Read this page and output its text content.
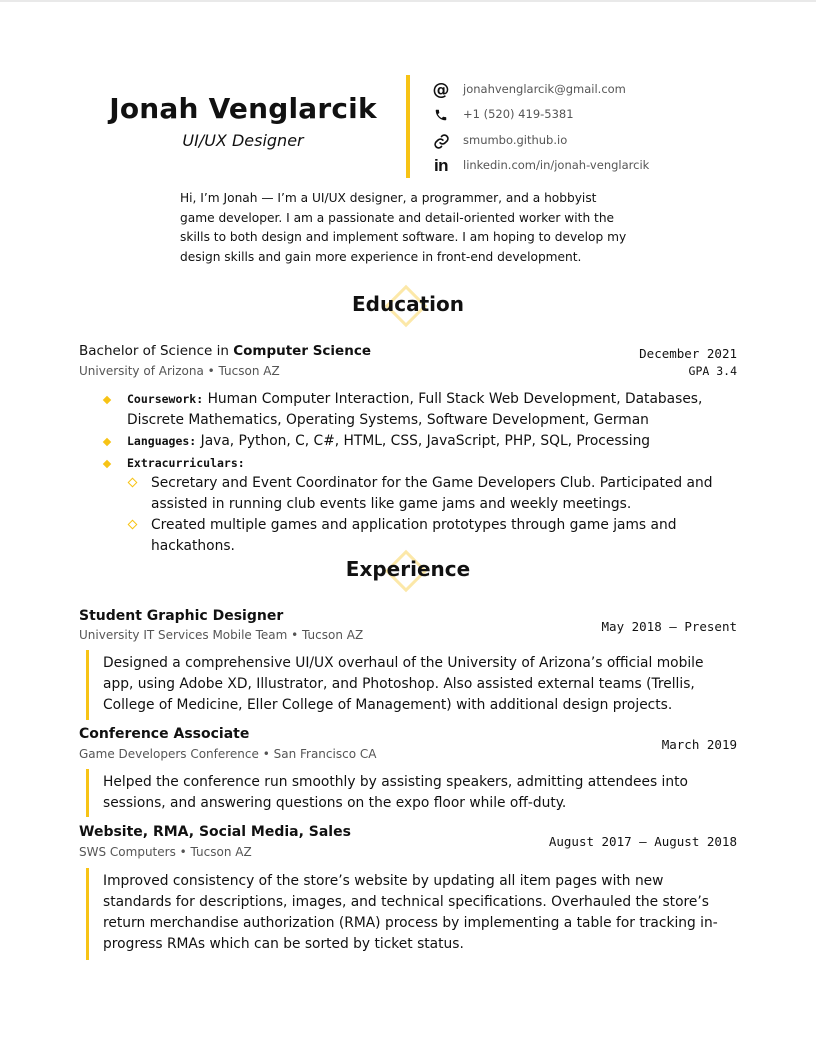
Jonah Venglarcik
UI/UX Designer
@ jonahvenglarcik@gmail.com
+1 (520) 419-5381
smumbo.github.io
in	linkedin.com/in/jonah-venglarcik
Hi, I’m Jonah — I’m a UI/UX designer, a programmer, and a hobbyist game developer. I am a passionate and detail-oriented worker with the skills to both design and implement software. I am hoping to develop my design skills and gain more experience in front-end development.
Education
Bachelor of Science in Computer Science
University of Arizona • Tucson AZ
December 2021
GPA 3.4
Coursework: Human Computer Interaction, Full Stack Web Development, Databases, Discrete Mathematics, Operating Systems, Software Development, German
Languages: Java, Python, C, C#, HTML, CSS, JavaScript, PHP, SQL, Processing
Extracurriculars:
Secretary and Event Coordinator for the Game Developers Club. Participated and assisted in running club events like game jams and weekly meetings.
Created multiple games and application prototypes through game jams and hackathons.
Experience
Student Graphic Designer
University IT Services Mobile Team • Tucson AZ
May 2018 — Present
Designed a comprehensive UI/UX overhaul of the University of Arizona’s official mobile app, using Adobe XD, Illustrator, and Photoshop. Also assisted external teams (Trellis, College of Medicine, Eller College of Management) with additional design projects.
Conference Associate
Game Developers Conference • San Francisco CA
March 2019
Helped the conference run smoothly by assisting speakers, admitting attendees into sessions, and answering questions on the expo floor while off-duty.
Website, RMA, Social Media, Sales
SWS Computers • Tucson AZ
August 2017 — August 2018
Improved consistency of the store’s website by updating all item pages with new standards for descriptions, images, and technical specifications. Overhauled the store’s return merchandise authorization (RMA) process by implementing a table for tracking in-progress RMAs which can be sorted by ticket status.
